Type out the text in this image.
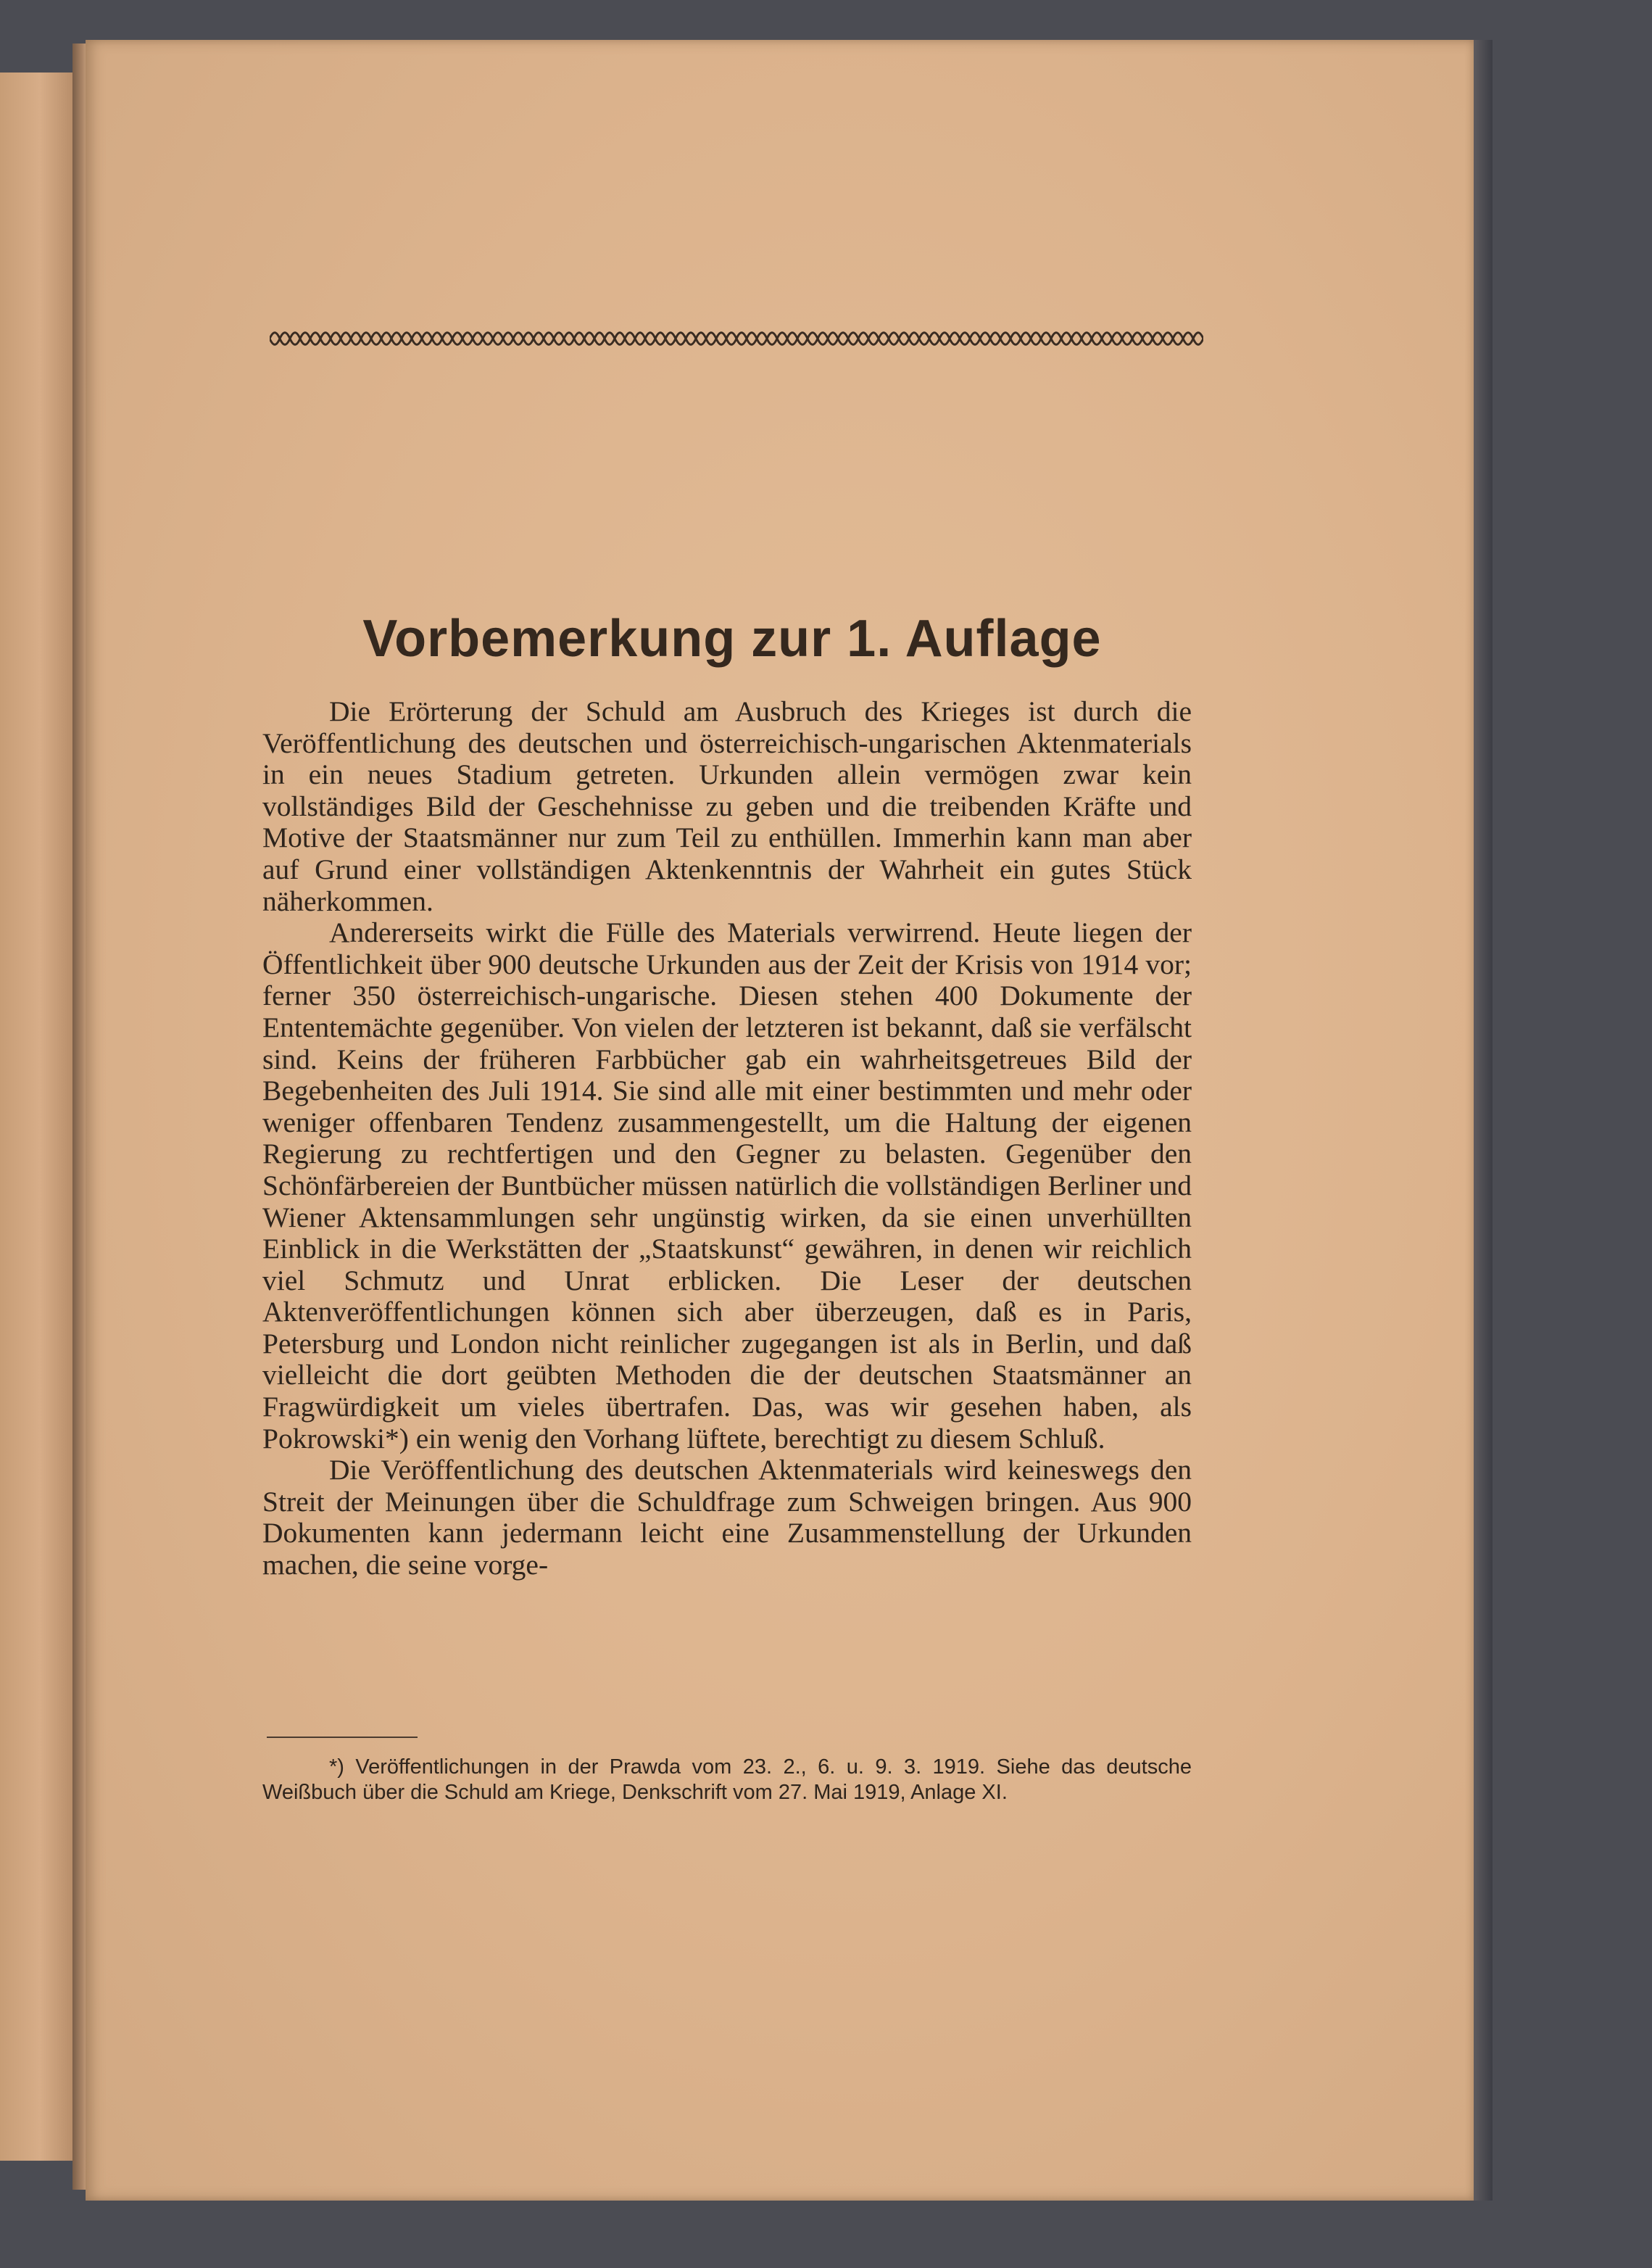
Vorbemerkung zur 1. Auflage

Die Erörterung der Schuld am Ausbruch des Krieges ist durch die Veröffentlichung des deutschen und österreichisch-ungarischen Aktenmaterials in ein neues Stadium getreten. Urkunden allein vermögen zwar kein vollständiges Bild der Geschehnisse zu geben und die treibenden Kräfte und Motive der Staatsmänner nur zum Teil zu enthüllen. Immerhin kann man aber auf Grund einer vollständigen Aktenkenntnis der Wahrheit ein gutes Stück näherkommen.

Andererseits wirkt die Fülle des Materials verwirrend. Heute liegen der Öffentlichkeit über 900 deutsche Urkunden aus der Zeit der Krisis von 1914 vor; ferner 350 österreichisch-ungarische. Diesen stehen 400 Dokumente der Ententemächte gegenüber. Von vielen der letzteren ist bekannt, daß sie verfälscht sind. Keins der früheren Farbbücher gab ein wahrheitsgetreues Bild der Begebenheiten des Juli 1914. Sie sind alle mit einer bestimmten und mehr oder weniger offenbaren Tendenz zusammengestellt, um die Haltung der eigenen Regierung zu rechtfertigen und den Gegner zu belasten. Gegenüber den Schönfärbereien der Buntbücher müssen natürlich die vollständigen Berliner und Wiener Aktensammlungen sehr ungünstig wirken, da sie einen unverhüllten Einblick in die Werkstätten der „Staatskunst“ gewähren, in denen wir reichlich viel Schmutz und Unrat erblicken. Die Leser der deutschen Aktenveröffentlichungen können sich aber überzeugen, daß es in Paris, Petersburg und London nicht reinlicher zugegangen ist als in Berlin, und daß vielleicht die dort geübten Methoden die der deutschen Staatsmänner an Fragwürdigkeit um vieles übertrafen. Das, was wir gesehen haben, als Pokrowski*) ein wenig den Vorhang lüftete, berechtigt zu diesem Schluß.

Die Veröffentlichung des deutschen Aktenmaterials wird keineswegs den Streit der Meinungen über die Schuldfrage zum Schweigen bringen. Aus 900 Dokumenten kann jedermann leicht eine Zusammenstellung der Urkunden machen, die seine vorge-

*) Veröffentlichungen in der Prawda vom 23. 2., 6. u. 9. 3. 1919. Siehe das deutsche Weißbuch über die Schuld am Kriege, Denkschrift vom 27. Mai 1919, Anlage XI.
